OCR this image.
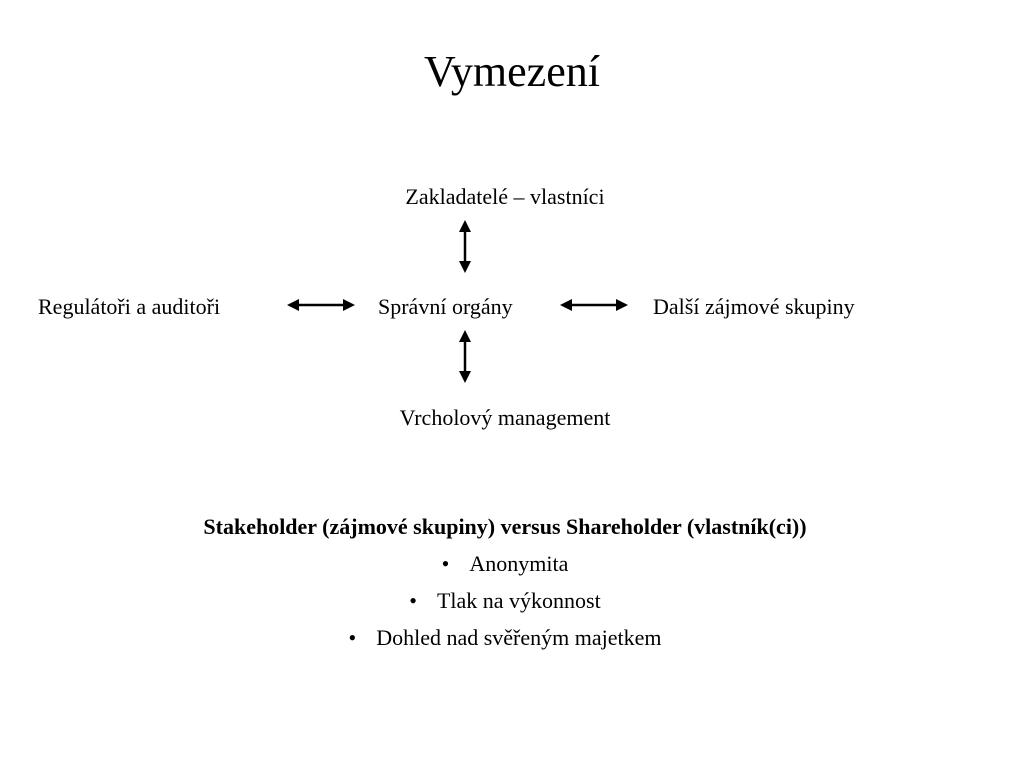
Vymezení
Zakladatelé – vlastníci
Regulátoři a auditoři	Správní orgány	Další zájmové skupiny
Vrcholový management

Stakeholder (zájmové skupiny) versus Shareholder (vlastník(ci))

• Anonymita
• Tlak na výkonnost
• Dohled nad svěřeným majetkem
